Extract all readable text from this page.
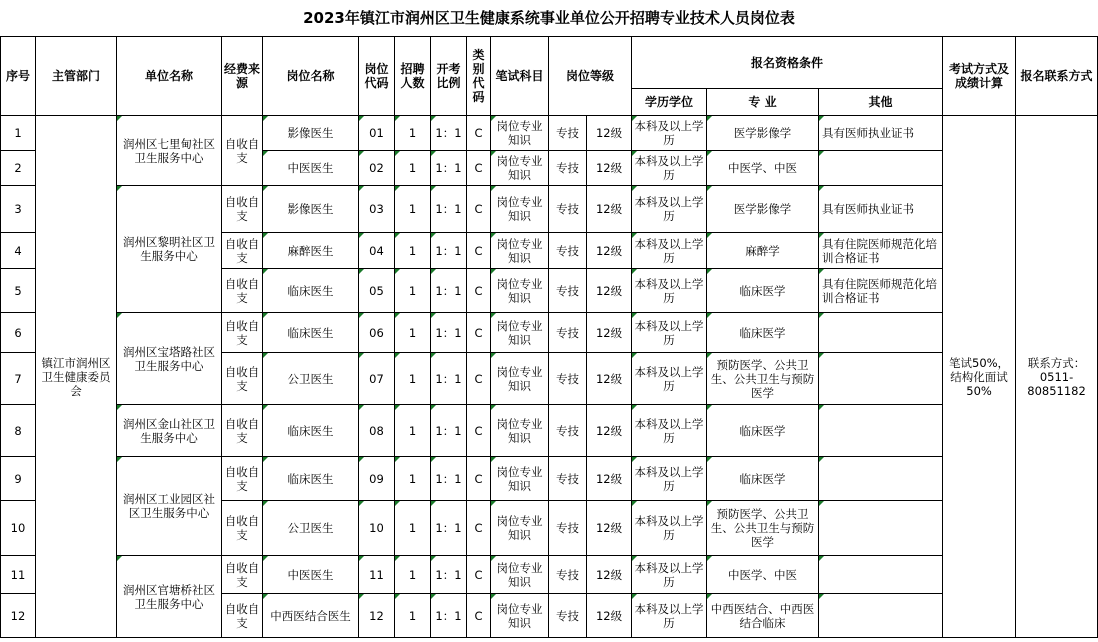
2023年镇江市润州区卫生健康系统事业单位公开招聘专业技术人员岗位表
序号	主管部门	单位名称	经费来源	岗位名称	岗位代码	招聘人数	开考比例	类别代码	笔试科目	岗位等级		报名资格条件			考试方式及成绩计算	报名联系方式
												学历学位	专 业	其他		
1	镇江市润州区卫生健康委员会	润州区七里甸社区卫生服务中心	自收自支	影像医生	01	1	1：1	C	岗位专业知识	专技	12级	本科及以上学历	医学影像学	具有医师执业证书	笔试50%，结构化面试50%	联系方式：0511-80851182
2				中医医生	02	1	1：1	C	岗位专业知识	专技	12级	本科及以上学历	中医学、中医			
3		润州区黎明社区卫生服务中心	自收自支	影像医生	03	1	1：1	C	岗位专业知识	专技	12级	本科及以上学历	医学影像学	具有医师执业证书		
4			自收自支	麻醉医生	04	1	1：1	C	岗位专业知识	专技	12级	本科及以上学历	麻醉学	具有住院医师规范化培训合格证书		
5			自收自支	临床医生	05	1	1：1	C	岗位专业知识	专技	12级	本科及以上学历	临床医学	具有住院医师规范化培训合格证书		
6		润州区宝塔路社区卫生服务中心	自收自支	临床医生	06	1	1：1	C	岗位专业知识	专技	12级	本科及以上学历	临床医学			
7			自收自支	公卫医生	07	1	1：1	C	岗位专业知识	专技	12级	本科及以上学历	预防医学、公共卫生、公共卫生与预防医学			
8		润州区金山社区卫生服务中心	自收自支	临床医生	08	1	1：1	C	岗位专业知识	专技	12级	本科及以上学历	临床医学			
9		润州区工业园区社区卫生服务中心	自收自支	临床医生	09	1	1：1	C	岗位专业知识	专技	12级	本科及以上学历	临床医学			
10			自收自支	公卫医生	10	1	1：1	C	岗位专业知识	专技	12级	本科及以上学历	预防医学、公共卫生、公共卫生与预防医学			
11		润州区官塘桥社区卫生服务中心	自收自支	中医医生	11	1	1：1	C	岗位专业知识	专技	12级	本科及以上学历	中医学、中医			
12			自收自支	中西医结合医生	12	1	1：1	C	岗位专业知识	专技	12级	本科及以上学历	中西医结合、中西医结合临床			
